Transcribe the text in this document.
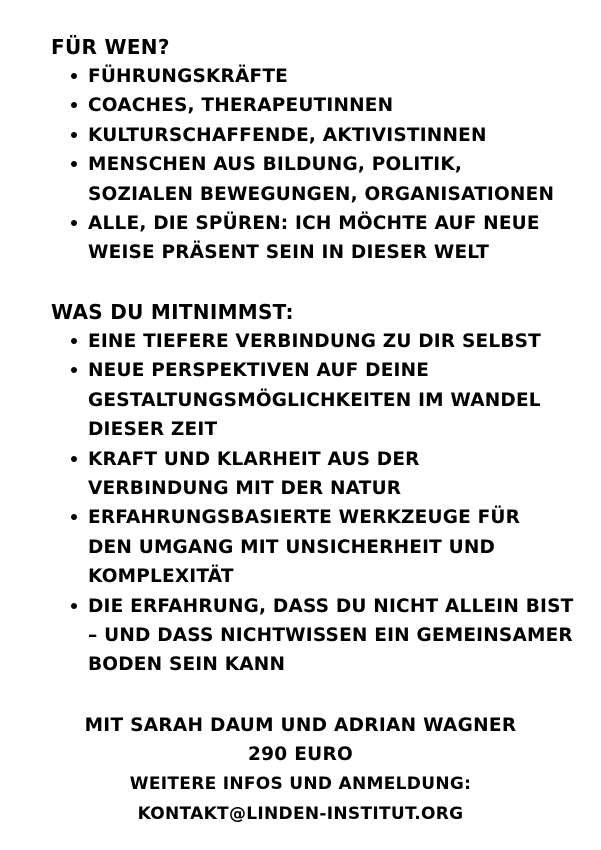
FÜR WEN?
FÜHRUNGSKRÄFTE
COACHES, THERAPEUTINNEN
KULTURSCHAFFENDE, AKTIVISTINNEN
MENSCHEN AUS BILDUNG, POLITIK, SOZIALEN BEWEGUNGEN, ORGANISATIONEN
ALLE, DIE SPÜREN: ICH MÖCHTE AUF NEUE WEISE PRÄSENT SEIN IN DIESER WELT
WAS DU MITNIMMST:
EINE TIEFERE VERBINDUNG ZU DIR SELBST
NEUE PERSPEKTIVEN AUF DEINE GESTALTUNGSMÖGLICHKEITEN IM WANDEL DIESER ZEIT
KRAFT UND KLARHEIT AUS DER VERBINDUNG MIT DER NATUR
ERFAHRUNGSBASIERTE WERKZEUGE FÜR DEN UMGANG MIT UNSICHERHEIT UND KOMPLEXITÄT
DIE ERFAHRUNG, DASS DU NICHT ALLEIN BIST – UND DASS NICHTWISSEN EIN GEMEINSAMER BODEN SEIN KANN
MIT SARAH DAUM UND ADRIAN WAGNER
290 EURO
WEITERE INFOS UND ANMELDUNG:
KONTAKT@LINDEN-INSTITUT.ORG
